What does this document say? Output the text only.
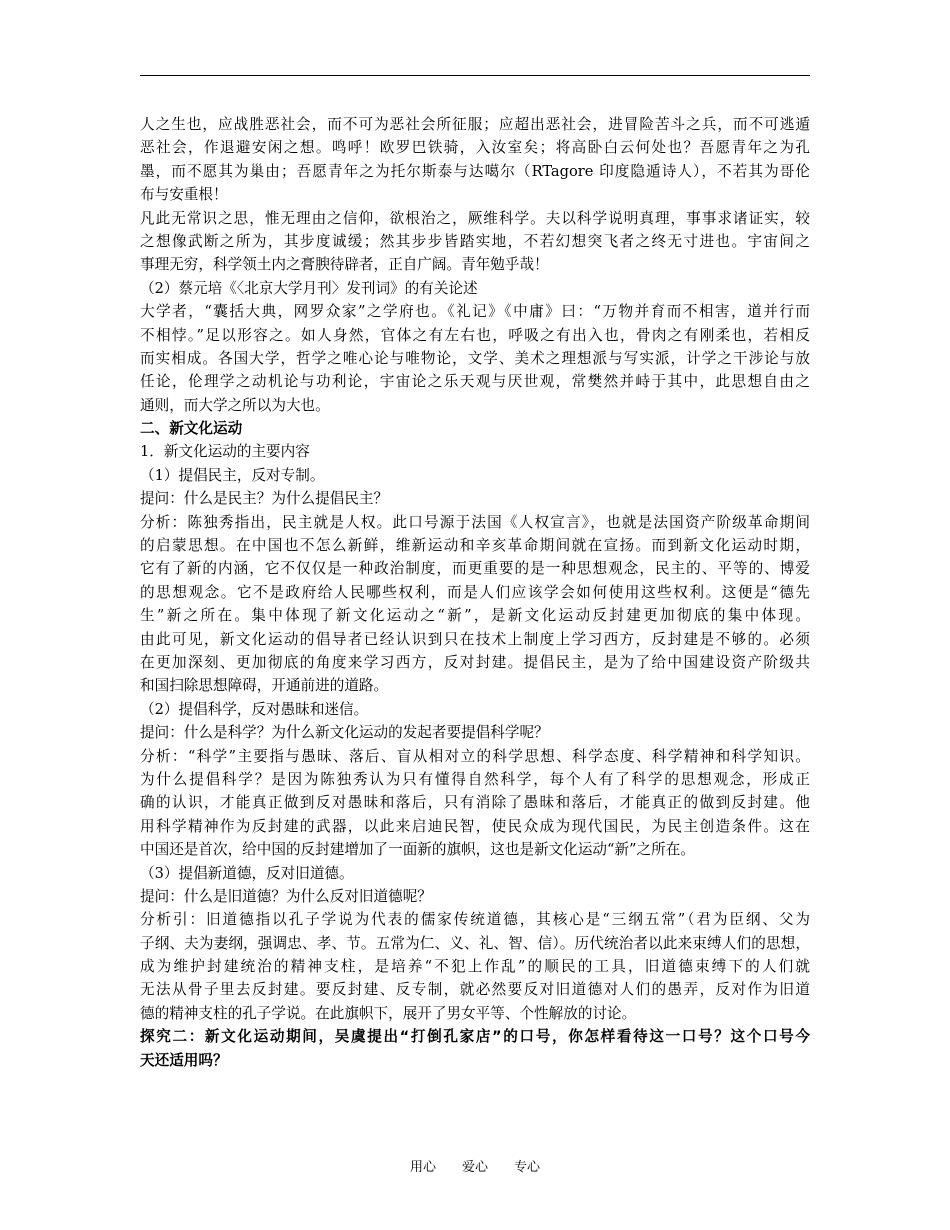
人之生也，应战胜恶社会，而不可为恶社会所征服；应超出恶社会，进冒险苦斗之兵，而不可逃遁
恶社会，作退避安闲之想。鸣呼！欧罗巴铁骑，入汝室矣；将高卧白云何处也？吾愿青年之为孔
墨，而不愿其为巢由；吾愿青年之为托尔斯泰与达噶尔（RTagore 印度隐遁诗人），不若其为哥伦
布与安重根！
凡此无常识之思，惟无理由之信仰，欲根治之，厥维科学。夫以科学说明真理，事事求诸证实，较
之想像武断之所为，其步度诚缓；然其步步皆踏实地，不若幻想突飞者之终无寸进也。宇宙间之
事理无穷，科学领土内之膏腴待辟者，正自广阔。青年勉乎哉！
（2）蔡元培《〈北京大学月刊〉发刊词》的有关论述
大学者，“囊括大典，网罗众家”之学府也。《礼记》《中庸》曰：“万物并育而不相害，道并行而
不相悖。”足以形容之。如人身然，官体之有左右也，呼吸之有出入也，骨肉之有刚柔也，若相反
而实相成。各国大学，哲学之唯心论与唯物论，文学、美术之理想派与写实派，计学之干涉论与放
任论，伦理学之动机论与功利论，宇宙论之乐天观与厌世观，常樊然并峙于其中，此思想自由之
通则，而大学之所以为大也。
二、新文化运动
1．新文化运动的主要内容
（1）提倡民主，反对专制。
提问：什么是民主？为什么提倡民主？
分析：陈独秀指出，民主就是人权。此口号源于法国《人权宣言》，也就是法国资产阶级革命期间
的启蒙思想。在中国也不怎么新鲜，维新运动和辛亥革命期间就在宣扬。而到新文化运动时期，
它有了新的内涵，它不仅仅是一种政治制度，而更重要的是一种思想观念，民主的、平等的、博爱
的思想观念。它不是政府给人民哪些权利，而是人们应该学会如何使用这些权利。这便是“德先
生”新之所在。集中体现了新文化运动之“新”，是新文化运动反封建更加彻底的集中体现。
由此可见，新文化运动的倡导者已经认识到只在技术上制度上学习西方，反封建是不够的。必须
在更加深刻、更加彻底的角度来学习西方，反对封建。提倡民主，是为了给中国建设资产阶级共
和国扫除思想障碍，开通前进的道路。
（2）提倡科学，反对愚昧和迷信。
提问：什么是科学？为什么新文化运动的发起者要提倡科学呢？
分析：“科学”主要指与愚昧、落后、盲从相对立的科学思想、科学态度、科学精神和科学知识。
为什么提倡科学？是因为陈独秀认为只有懂得自然科学，每个人有了科学的思想观念，形成正
确的认识，才能真正做到反对愚昧和落后，只有消除了愚昧和落后，才能真正的做到反封建。他
用科学精神作为反封建的武器，以此来启迪民智，使民众成为现代国民，为民主创造条件。这在
中国还是首次，给中国的反封建增加了一面新的旗帜，这也是新文化运动“新”之所在。
（3）提倡新道德，反对旧道德。
提问：什么是旧道德？为什么反对旧道德呢？
分析引：旧道德指以孔子学说为代表的儒家传统道德，其核心是“三纲五常”（君为臣纲、父为
子纲、夫为妻纲，强调忠、孝、节。五常为仁、义、礼、智、信）。历代统治者以此来束缚人们的思想，
成为维护封建统治的精神支柱，是培养“不犯上作乱”的顺民的工具，旧道德束缚下的人们就
无法从骨子里去反封建。要反封建、反专制，就必然要反对旧道德对人们的愚弄，反对作为旧道
德的精神支柱的孔子学说。在此旗帜下，展开了男女平等、个性解放的讨论。
探究二：新文化运动期间，吴虞提出“打倒孔家店”的口号，你怎样看待这一口号？这个口号今
天还适用吗？
用心　　爱心　　专心
